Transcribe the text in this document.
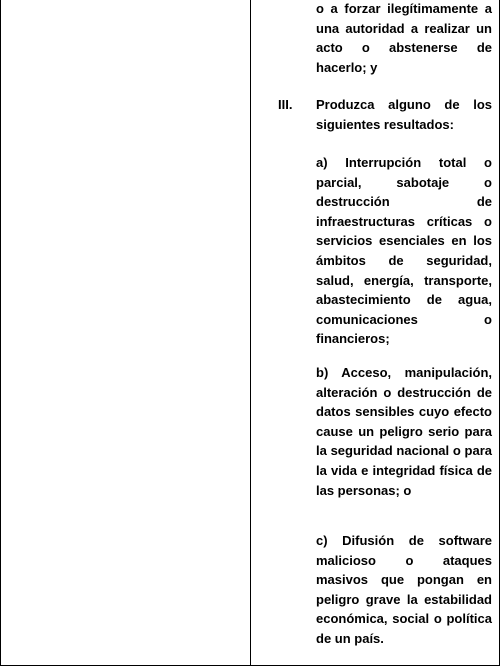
o a forzar ilegítimamente a una autoridad a realizar un acto o abstenerse de hacerlo; y
III. Produzca alguno de los siguientes resultados:
a) Interrupción total o parcial, sabotaje o destrucción de infraestructuras críticas o servicios esenciales en los ámbitos de seguridad, salud, energía, transporte, abastecimiento de agua, comunicaciones o financieros;
b) Acceso, manipulación, alteración o destrucción de datos sensibles cuyo efecto cause un peligro serio para la seguridad nacional o para la vida e integridad física de las personas; o
c) Difusión de software malicioso o ataques masivos que pongan en peligro grave la estabilidad económica, social o política de un país.
